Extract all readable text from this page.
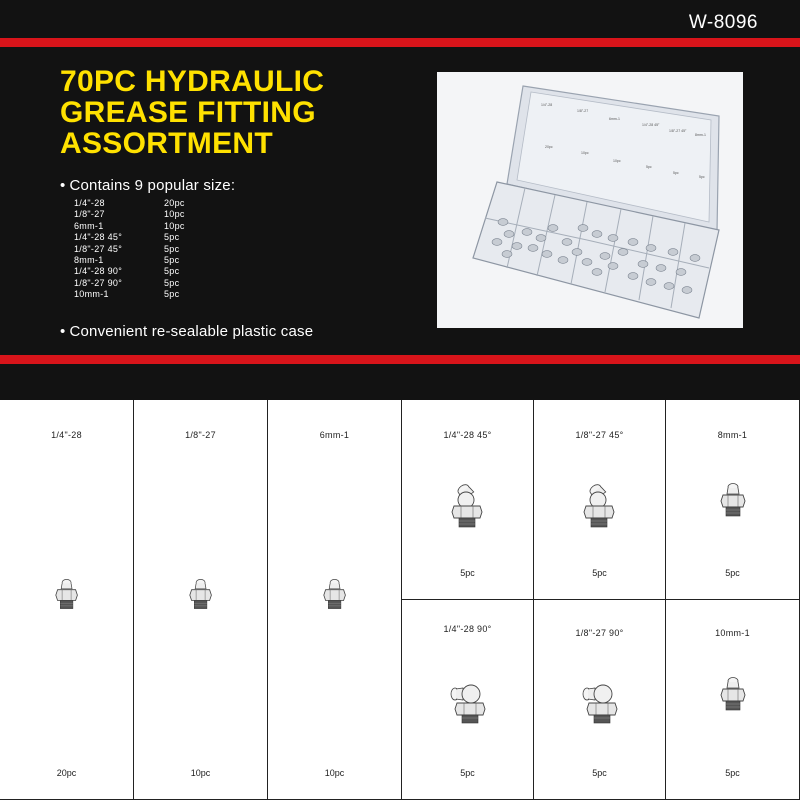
W-8096
70PC HYDRAULIC
GREASE FITTING
ASSORTMENT
• Contains 9 popular size:
1/4"-28	20pc
1/8"-27	10pc
6mm-1	10pc
1/4"-28 45°	5pc
1/8"-27 45°	5pc
8mm-1	5pc
1/4"-28 90°	5pc
1/8"-27 90°	5pc
10mm-1	5pc
• Convenient re-sealable plastic case
1/4"-28
20pc
1/8"-27
10pc
6mm-1
10pc
1/4"-28 45°
5pc
1/8"-27 45°
5pc
8mm-1
5pc
1/4"-28
20pc
1/8"-27
10pc
6mm-1
10pc
1/4"-28 45°
5pc
1/8"-27 45°
5pc
8mm-1
5pc
1/4"-28 90°
5pc
1/8"-27 90°
5pc
10mm-1
5pc
